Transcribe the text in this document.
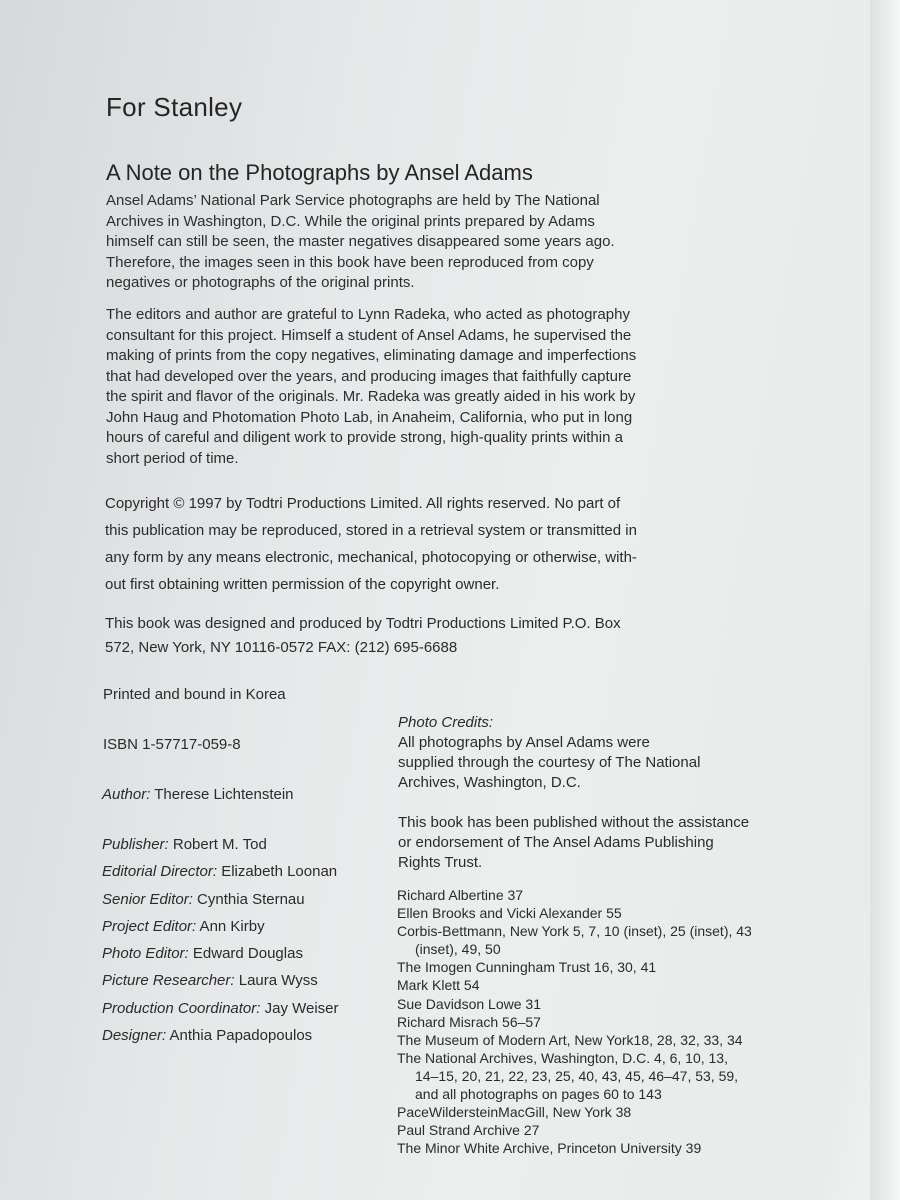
For Stanley
A Note on the Photographs by Ansel Adams

Ansel Adams’ National Park Service photographs are held by The National
Archives in Washington, D.C. While the original prints prepared by Adams
himself can still be seen, the master negatives disappeared some years ago.
Therefore, the images seen in this book have been reproduced from copy
negatives or photographs of the original prints.

The editors and author are grateful to Lynn Radeka, who acted as photography
consultant for this project. Himself a student of Ansel Adams, he supervised the
making of prints from the copy negatives, eliminating damage and imperfections
that had developed over the years, and producing images that faithfully capture
the spirit and flavor of the originals. Mr. Radeka was greatly aided in his work by
John Haug and Photomation Photo Lab, in Anaheim, California, who put in long
hours of careful and diligent work to provide strong, high-quality prints within a
short period of time.

Copyright © 1997 by Todtri Productions Limited. All rights reserved. No part of
this publication may be reproduced, stored in a retrieval system or transmitted in
any form by any means electronic, mechanical, photocopying or otherwise, with-
out first obtaining written permission of the copyright owner.

This book was designed and produced by Todtri Productions Limited P.O. Box
572, New York, NY 10116-0572 FAX: (212) 695-6688

Printed and bound in Korea

ISBN 1-57717-059-8

Author: Therese Lichtenstein

Publisher: Robert M. Tod
Editorial Director: Elizabeth Loonan
Senior Editor: Cynthia Sternau
Project Editor: Ann Kirby
Photo Editor: Edward Douglas
Picture Researcher: Laura Wyss
Production Coordinator: Jay Weiser
Designer: Anthia Papadopoulos
Photo Credits:
All photographs by Ansel Adams were
supplied through the courtesy of The National
Archives, Washington, D.C.
This book has been published without the assistance
or endorsement of The Ansel Adams Publishing
Rights Trust.
Richard Albertine 37
Ellen Brooks and Vicki Alexander 55
Corbis-Bettmann, New York 5, 7, 10 (inset), 25 (inset), 43
(inset), 49, 50
The Imogen Cunningham Trust 16, 30, 41
Mark Klett 54
Sue Davidson Lowe 31
Richard Misrach 56–57
The Museum of Modern Art, New York18, 28, 32, 33, 34
The National Archives, Washington, D.C. 4, 6, 10, 13,
14–15, 20, 21, 22, 23, 25, 40, 43, 45, 46–47, 53, 59,
and all photographs on pages 60 to 143
PaceWildersteinMacGill, New York 38
Paul Strand Archive 27
The Minor White Archive, Princeton University 39
